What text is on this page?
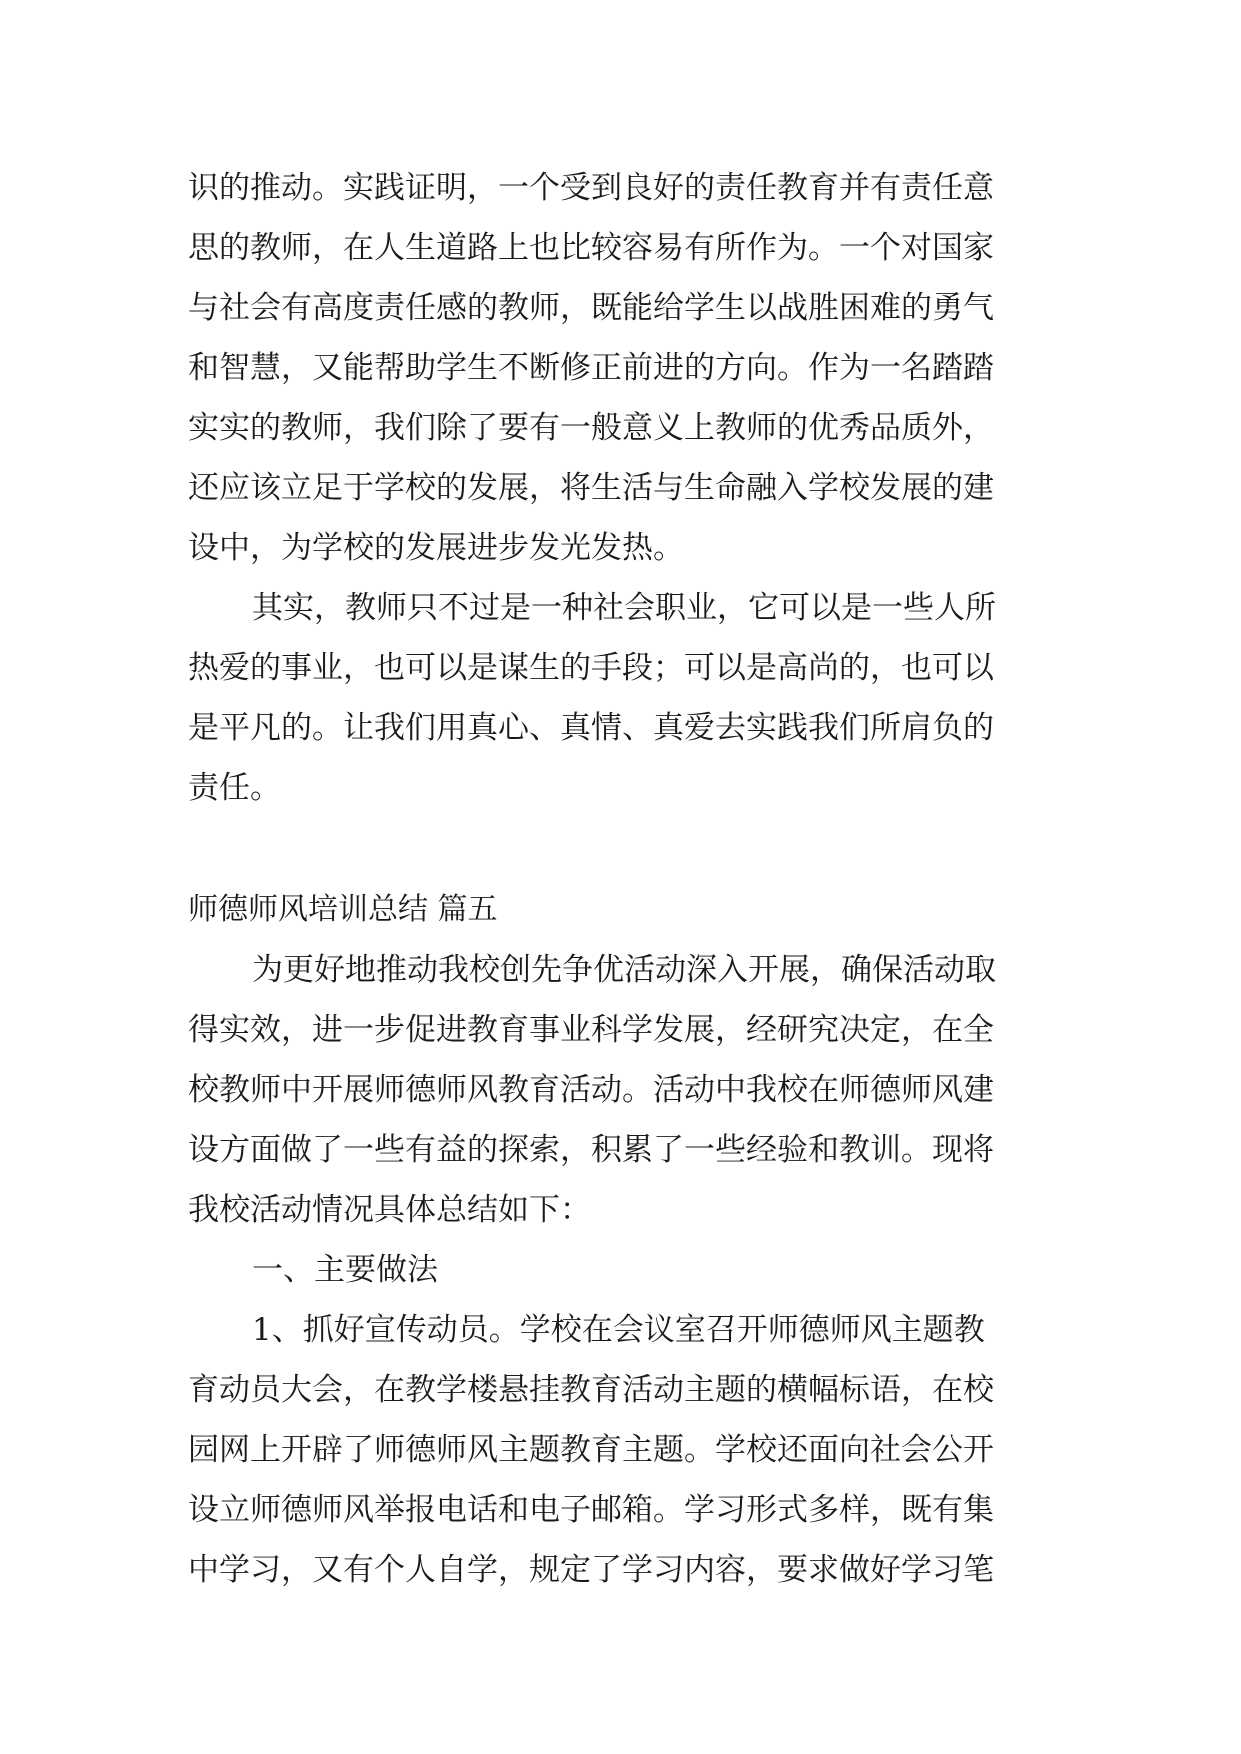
识的推动。实践证明，一个受到良好的责任教育并有责任意
思的教师，在人生道路上也比较容易有所作为。一个对国家
与社会有高度责任感的教师，既能给学生以战胜困难的勇气
和智慧，又能帮助学生不断修正前进的方向。作为一名踏踏
实实的教师，我们除了要有一般意义上教师的优秀品质外，
还应该立足于学校的发展，将生活与生命融入学校发展的建
设中，为学校的发展进步发光发热。
其实，教师只不过是一种社会职业，它可以是一些人所
热爱的事业，也可以是谋生的手段；可以是高尚的，也可以
是平凡的。让我们用真心、真情、真爱去实践我们所肩负的
责任。
师德师风培训总结 篇五
为更好地推动我校创先争优活动深入开展，确保活动取
得实效，进一步促进教育事业科学发展，经研究决定，在全
校教师中开展师德师风教育活动。活动中我校在师德师风建
设方面做了一些有益的探索，积累了一些经验和教训。现将
我校活动情况具体总结如下：
一、主要做法
1、抓好宣传动员。学校在会议室召开师德师风主题教
育动员大会，在教学楼悬挂教育活动主题的横幅标语，在校
园网上开辟了师德师风主题教育主题。学校还面向社会公开
设立师德师风举报电话和电子邮箱。学习形式多样，既有集
中学习，又有个人自学，规定了学习内容，要求做好学习笔
